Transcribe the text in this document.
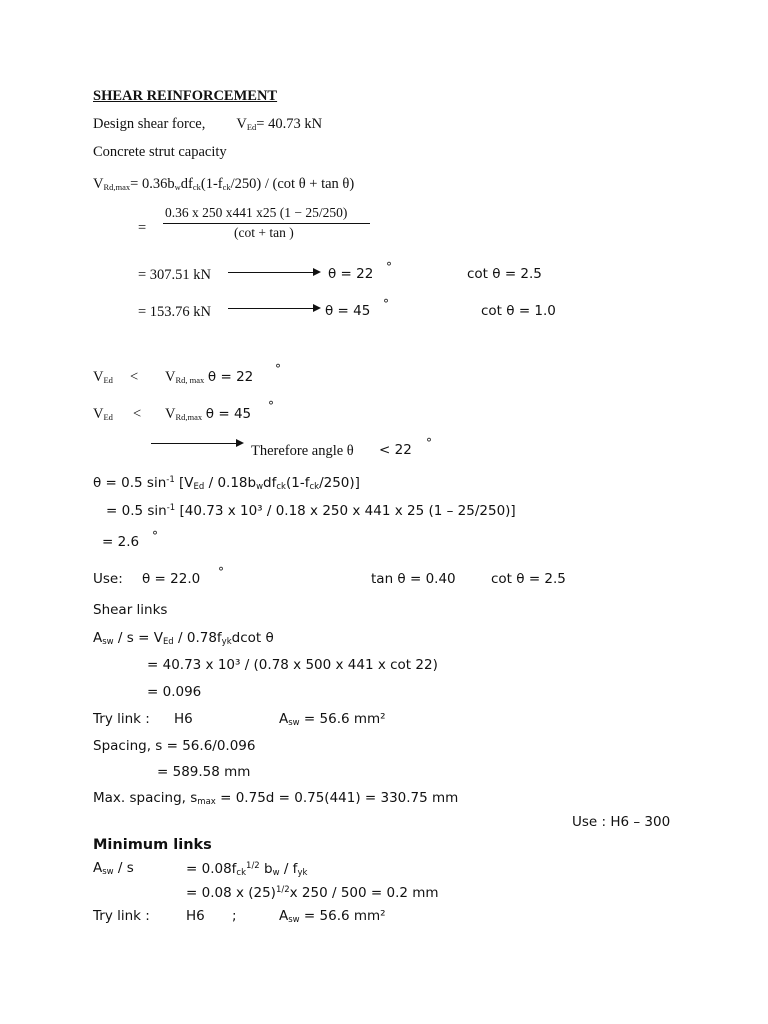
SHEAR REINFORCEMENT
Design shear force, $V_{Ed}= 40.73$ kN
Concrete strut capacity
$V_{Rd,max}= 0.36b_wdf_{ck}(1-f_{ck}/250) / (\cot$ θ + tan θ)
=
0.36 x 250 x441 x25 (1 − 25/250)
(cot + tan )
= 307.51 kN	θ = 22 °	cot θ = 2.5
= 153.76 kN	θ = 45 °	cot θ = 1.0
$V_{Ed} < V_{Rd, max}$ θ = 22 °
$V_{Ed} < V_{Rd,max}$ θ = 45 °
Therefore angle θ < 22 °
θ = 0.5 $\sin^{-1} [V_{Ed} / 0.18b_wdf_{ck}(1-f_{ck}/250)]$
= 0.5 $\sin^{-1} [40.73$ x 10³ / 0.18 x 250 x 441 x 25 (1 – 25/250)]
= 2.6 °
Use: θ = 22.0 °	tan θ = 0.40	cot θ = 2.5
Shear links
$A_{sw} / s = V_{Ed} / 0.78f_{yk}dcot$ θ
= 40.73 x 10³ / (0.78 x 500 x 441 x cot 22)
= 0.096
Try link : H6	$A_{sw} = 56.6$ mm²
Spacing, s = 56.6/0.096
= 589.58 mm
Max. spacing, $s_{max} = 0.75d = 0.75(441) = 330.75$ mm
Use : H6 – 300
Minimum links
$A_{sw}$ / s	= $0.08f_{ck}^{1/2}$ $b_w / f_{yk}$
= 0.08 x $(25)^{1/2}x$ 250 / 500 = 0.2 mm
Try link :	H6 ;	$A_{sw} = 56.6$ mm²
